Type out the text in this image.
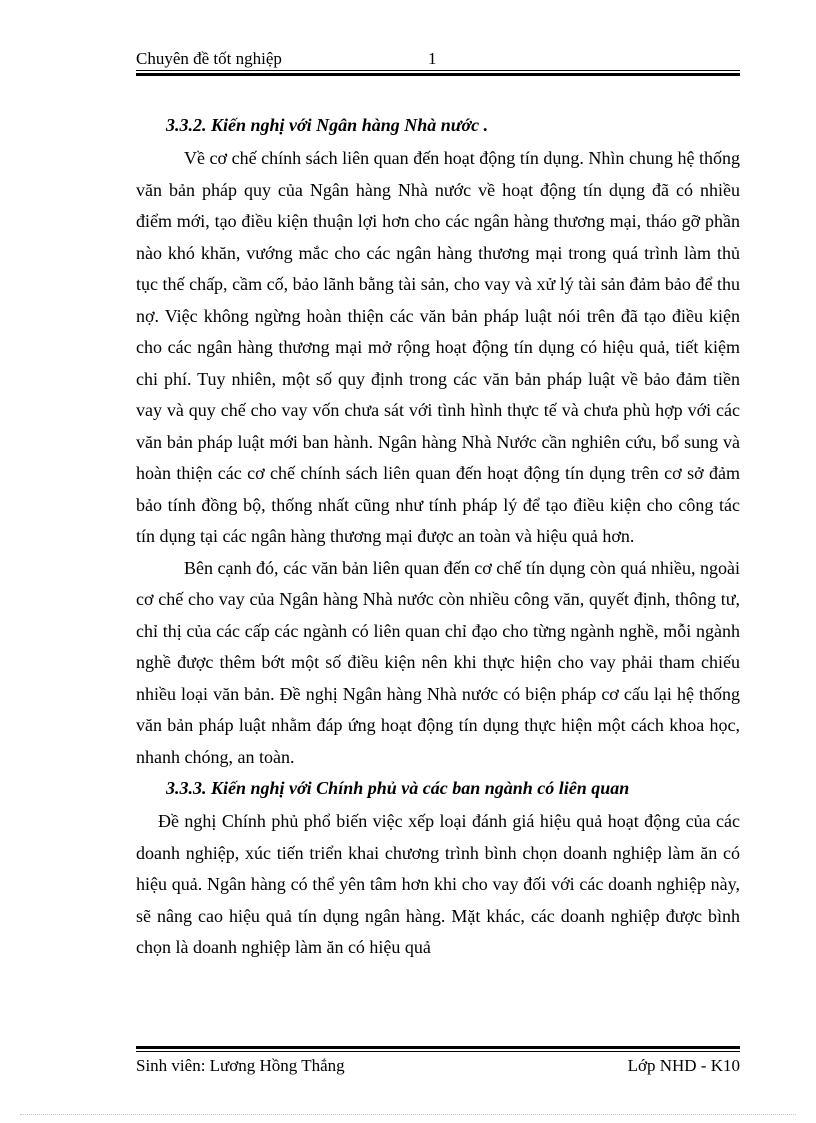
Chuyên đề tốt nghiệp	1
3.3.2. Kiến nghị với Ngân hàng Nhà nước .

Về cơ chế chính sách liên quan đến hoạt động tín dụng. Nhìn chung hệ thống văn bản pháp quy của Ngân hàng Nhà nước về hoạt động tín dụng đã có nhiều điểm mới, tạo điều kiện thuận lợi hơn cho các ngân hàng thương mại, tháo gỡ phần nào khó khăn, vướng mắc cho các ngân hàng thương mại trong quá trình làm thủ tục thế chấp, cầm cố, bảo lãnh bằng tài sản, cho vay và xử lý tài sản đảm bảo để thu nợ. Việc không ngừng hoàn thiện các văn bản pháp luật nói trên đã tạo điều kiện cho các ngân hàng thương mại mở rộng hoạt động tín dụng có hiệu quả, tiết kiệm chi phí. Tuy nhiên, một số quy định trong các văn bản pháp luật về bảo đảm tiền vay và quy chế cho vay vốn chưa sát với tình hình thực tế và chưa phù hợp với các văn bản pháp luật mới ban hành. Ngân hàng Nhà Nước cần nghiên cứu, bổ sung và hoàn thiện các cơ chế chính sách liên quan đến hoạt động tín dụng trên cơ sở đảm bảo tính đồng bộ, thống nhất cũng như tính pháp lý để tạo điều kiện cho công tác tín dụng tại các ngân hàng thương mại được an toàn và hiệu quả hơn.

Bên cạnh đó, các văn bản liên quan đến cơ chế tín dụng còn quá nhiều, ngoài cơ chế cho vay của Ngân hàng Nhà nước còn nhiều công văn, quyết định, thông tư, chỉ thị của các cấp các ngành có liên quan chỉ đạo cho từng ngành nghề, mỗi ngành nghề được thêm bớt một số điều kiện nên khi thực hiện cho vay phải tham chiếu nhiều loại văn bản. Đề nghị Ngân hàng Nhà nước có biện pháp cơ cấu lại hệ thống văn bản pháp luật nhằm đáp ứng hoạt động tín dụng thực hiện một cách khoa học, nhanh chóng, an toàn.

3.3.3. Kiến nghị với Chính phủ và các ban ngành có liên quan

Đề nghị Chính phủ phổ biến việc xếp loại đánh giá hiệu quả hoạt động của các doanh nghiệp, xúc tiến triển khai chương trình bình chọn doanh nghiệp làm ăn có hiệu quả. Ngân hàng có thể yên tâm hơn khi cho vay đối với các doanh nghiệp này, sẽ nâng cao hiệu quả tín dụng ngân hàng. Mặt khác, các doanh nghiệp được bình chọn là doanh nghiệp làm ăn có hiệu quả

Sinh viên: Lương Hồng Thắng	Lớp NHD - K10
